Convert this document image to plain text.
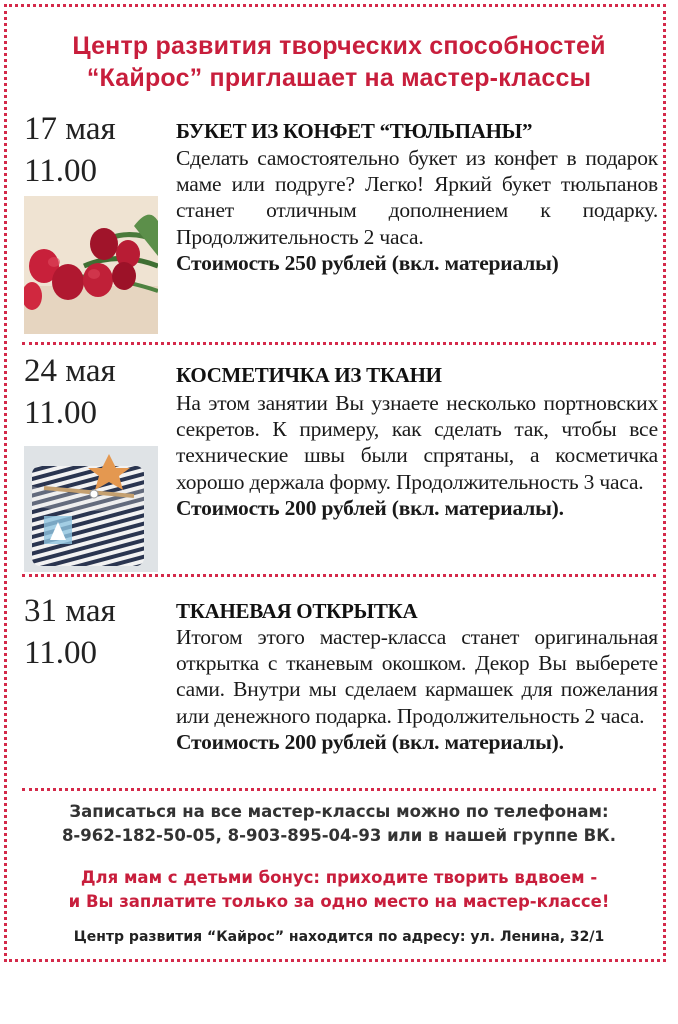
Центр развития творческих способностей
“Кайрос” приглашает на мастер-классы
17 мая
11.00
БУКЕТ ИЗ КОНФЕТ “ТЮЛЬПАНЫ”
Сделать самостоятельно букет из конфет в подарок маме или подруге? Легко! Яркий букет тюльпанов станет отличным дополнением к подарку. Продолжительность 2 часа.
Стоимость 250 рублей (вкл. материалы)
24 мая
11.00
КОСМЕТИЧКА ИЗ ТКАНИ
На этом занятии Вы узнаете несколько портновских секретов. К примеру, как сделать так, чтобы все технические швы были спрятаны, а косметичка хорошо держала форму. Продолжительность 3 часа.
Стоимость 200 рублей (вкл. материалы).
31 мая
11.00
ТКАНЕВАЯ ОТКРЫТКА
Итогом этого мастер-класса станет оригинальная открытка с тканевым окошком. Декор Вы выберете сами. Внутри мы сделаем кармашек для пожелания или денежного подарка. Продолжительность 2 часа.
Стоимость 200 рублей (вкл. материалы).
Записаться на все мастер-классы можно по телефонам:
8-962-182-50-05, 8-903-895-04-93 или в нашей группе ВК.
Для мам с детьми бонус: приходите творить вдвоем -
и Вы заплатите только за одно место на мастер-классе!
Центр развития “Кайрос” находится по адресу: ул. Ленина, 32/1
